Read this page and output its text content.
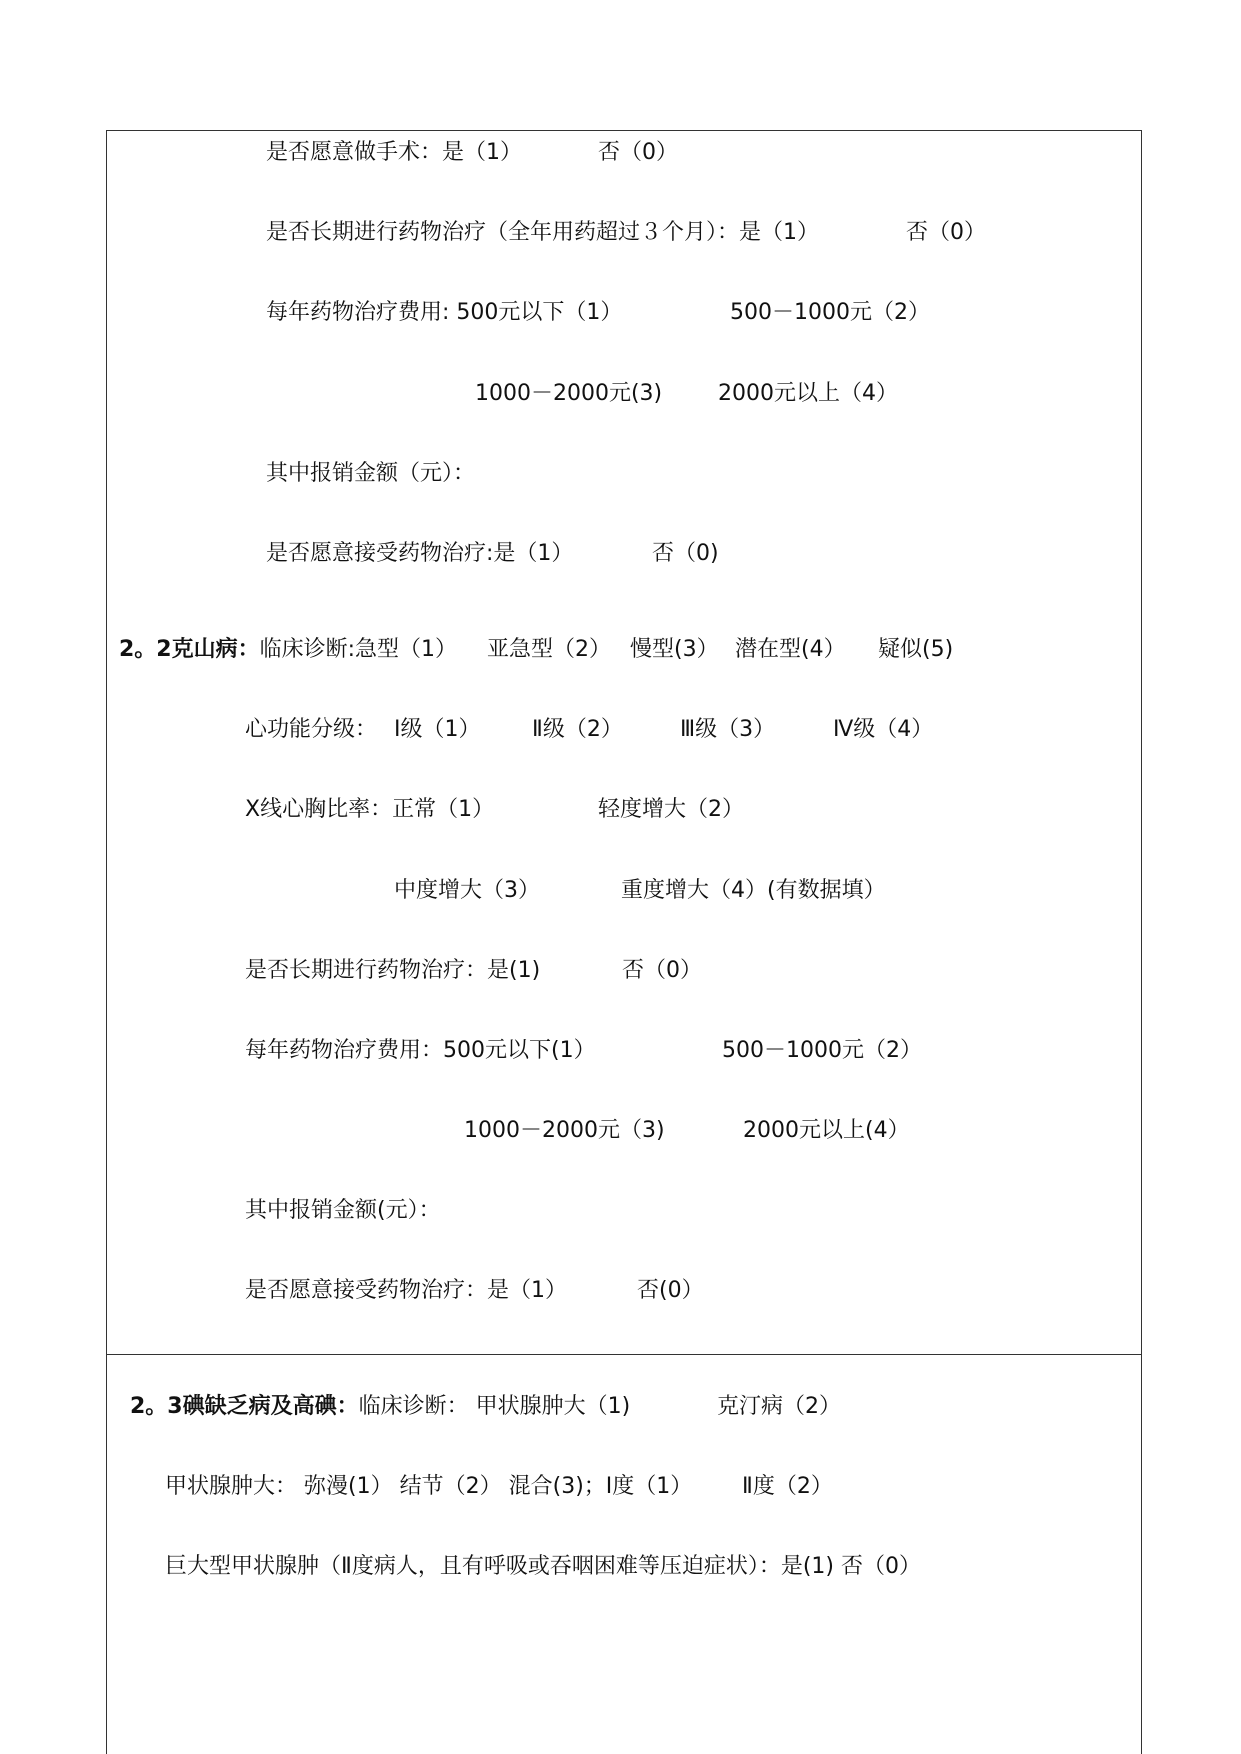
是否愿意做手术：是（1）	否（0）
是否长期进行药物治疗（全年用药超过３个月）：是（1）	否（0）
每年药物治疗费用: 500元以下（1）	500－1000元（2）
1000－2000元(3)	2000元以上（4）
其中报销金额（元）：
是否愿意接受药物治疗:是（1）	否（0)
2。2克山病：临床诊断:急型（1） 亚急型（2） 慢型(3） 潜在型(4） 疑似(5)
心功能分级： Ⅰ级（1） Ⅱ级（2）	Ⅲ级（3）	Ⅳ级（4）
X线心胸比率：正常（1）	轻度增大（2）
中度增大（3）	重度增大（4）(有数据填）
是否长期进行药物治疗：是(1)	否（0）
每年药物治疗费用：500元以下(1）	500－1000元（2）
1000－2000元（3)	2000元以上(4）
其中报销金额(元）：
是否愿意接受药物治疗：是（1）	否(0）
2。3碘缺乏病及高碘：临床诊断： 甲状腺肿大（1)	克汀病（2）
甲状腺肿大： 弥漫(1） 结节（2） 混合(3)；Ⅰ度（1） Ⅱ度（2）
巨大型甲状腺肿（Ⅱ度病人，且有呼吸或吞咽困难等压迫症状）：是(1) 否（0）
